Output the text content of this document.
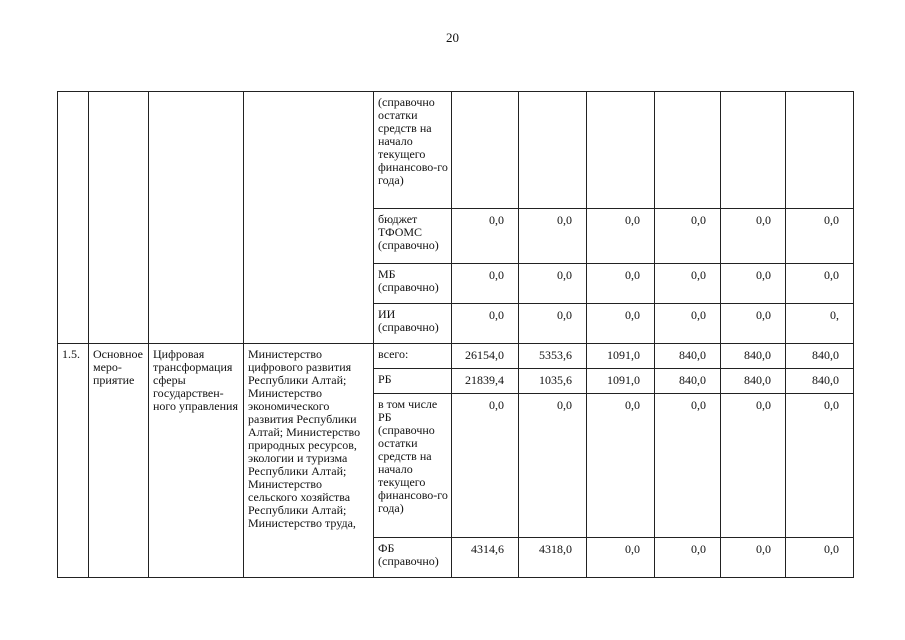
20
				(справочно остатки средств на начало текущего финансово-го года)						
				бюджет ТФОМС (справочно)	0,0	0,0	0,0	0,0	0,0	0,0
				МБ (справочно)	0,0	0,0	0,0	0,0	0,0	0,0
				ИИ (справочно)	0,0	0,0	0,0	0,0	0,0	0,
1.5.	Основное меро-приятие	Цифровая трансформация сферы государствен-ного управления	Министерство цифрового развития Республики Алтай; Министерство экономического развития Республики Алтай; Министерство природных ресурсов, экологии и туризма Республики Алтай; Министерство сельского хозяйства Республики Алтай; Министерство труда,	всего:	26154,0	5353,6	1091,0	840,0	840,0	840,0
				РБ	21839,4	1035,6	1091,0	840,0	840,0	840,0
				в том числе РБ (справочно остатки средств на начало текущего финансово-го года)	0,0	0,0	0,0	0,0	0,0	0,0
				ФБ (справочно)	4314,6	4318,0	0,0	0,0	0,0	0,0
